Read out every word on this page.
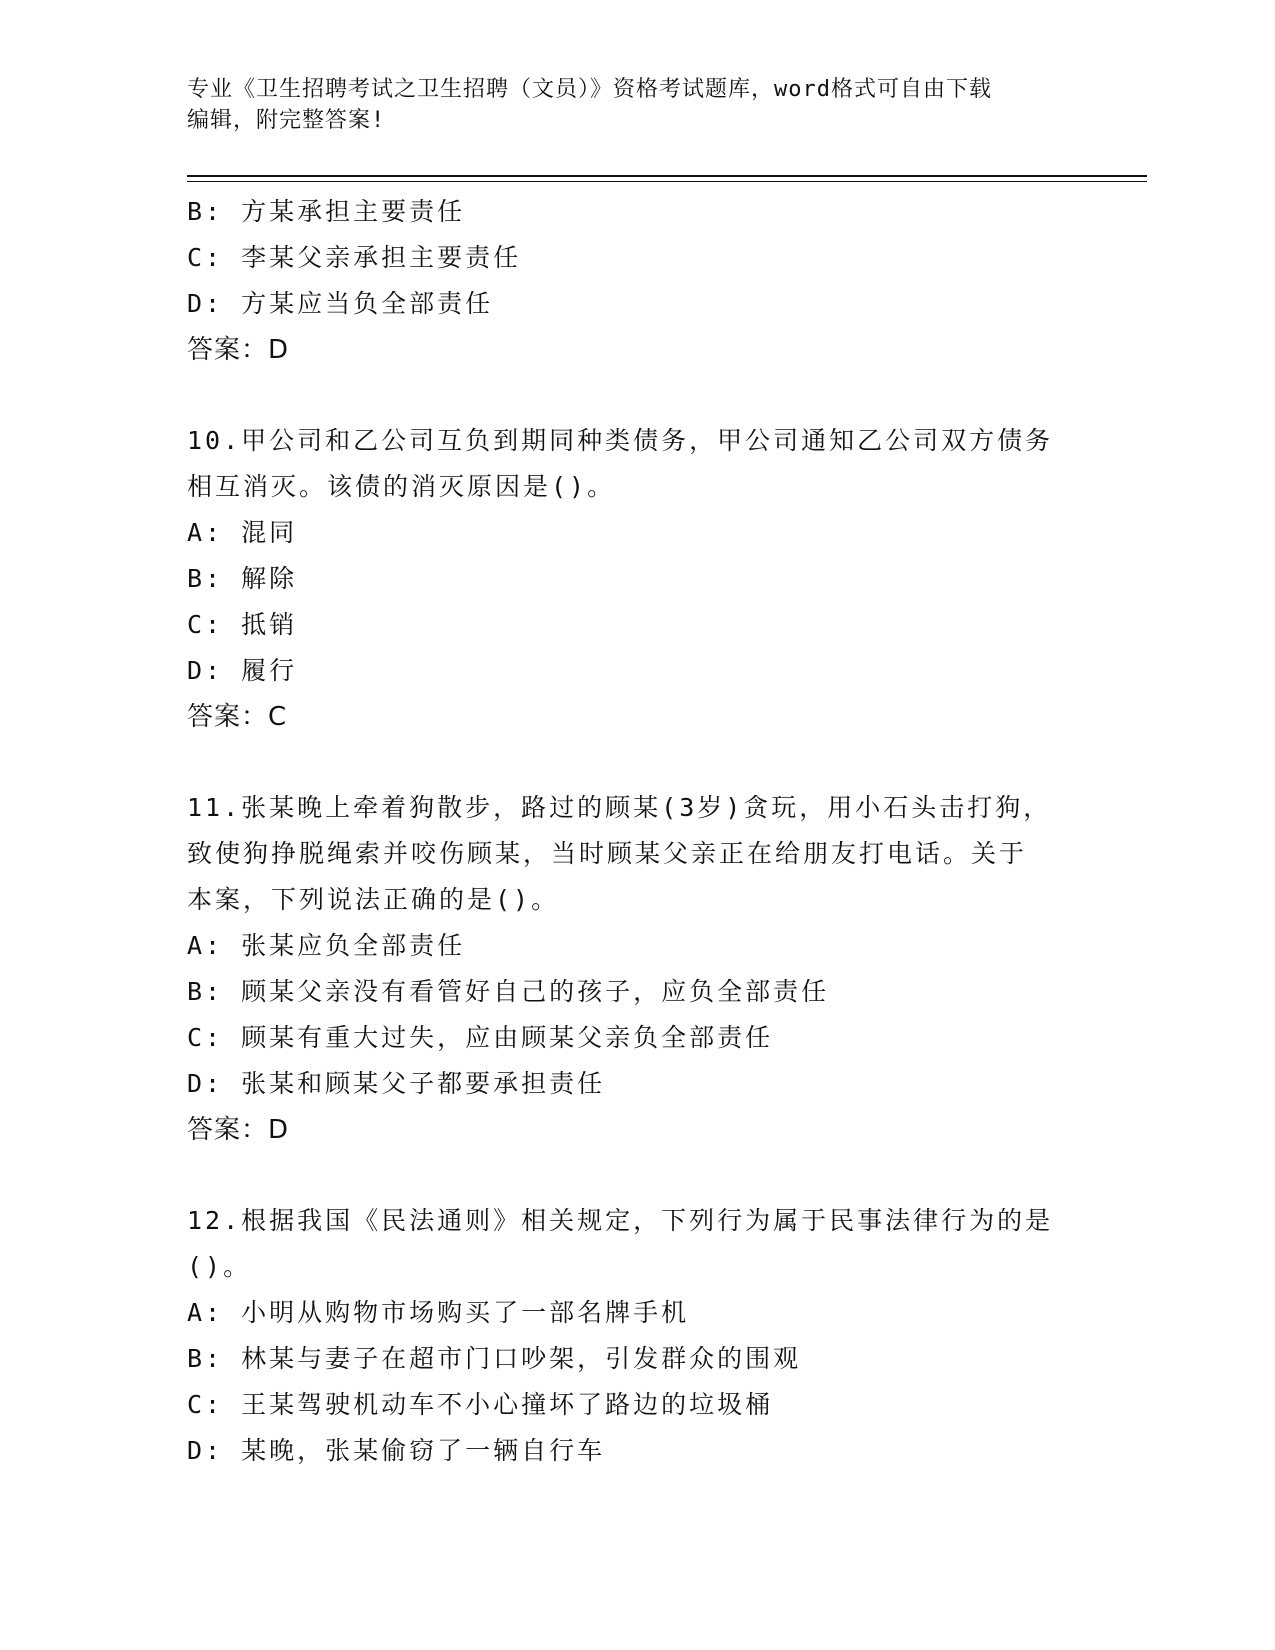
专业《卫生招聘考试之卫生招聘（文员）》资格考试题库，word格式可自由下载
编辑，附完整答案!
B: 方某承担主要责任
C: 李某父亲承担主要责任
D: 方某应当负全部责任
答案：D
10.甲公司和乙公司互负到期同种类债务，甲公司通知乙公司双方债务
相互消灭。该债的消灭原因是()。
A: 混同
B: 解除
C: 抵销
D: 履行
答案：C
11.张某晚上牵着狗散步，路过的顾某(3岁)贪玩，用小石头击打狗，
致使狗挣脱绳索并咬伤顾某，当时顾某父亲正在给朋友打电话。关于
本案，下列说法正确的是()。
A: 张某应负全部责任
B: 顾某父亲没有看管好自己的孩子，应负全部责任
C: 顾某有重大过失，应由顾某父亲负全部责任
D: 张某和顾某父子都要承担责任
答案：D
12.根据我国《民法通则》相关规定，下列行为属于民事法律行为的是
()。
A: 小明从购物市场购买了一部名牌手机
B: 林某与妻子在超市门口吵架，引发群众的围观
C: 王某驾驶机动车不小心撞坏了路边的垃圾桶
D: 某晚，张某偷窃了一辆自行车
